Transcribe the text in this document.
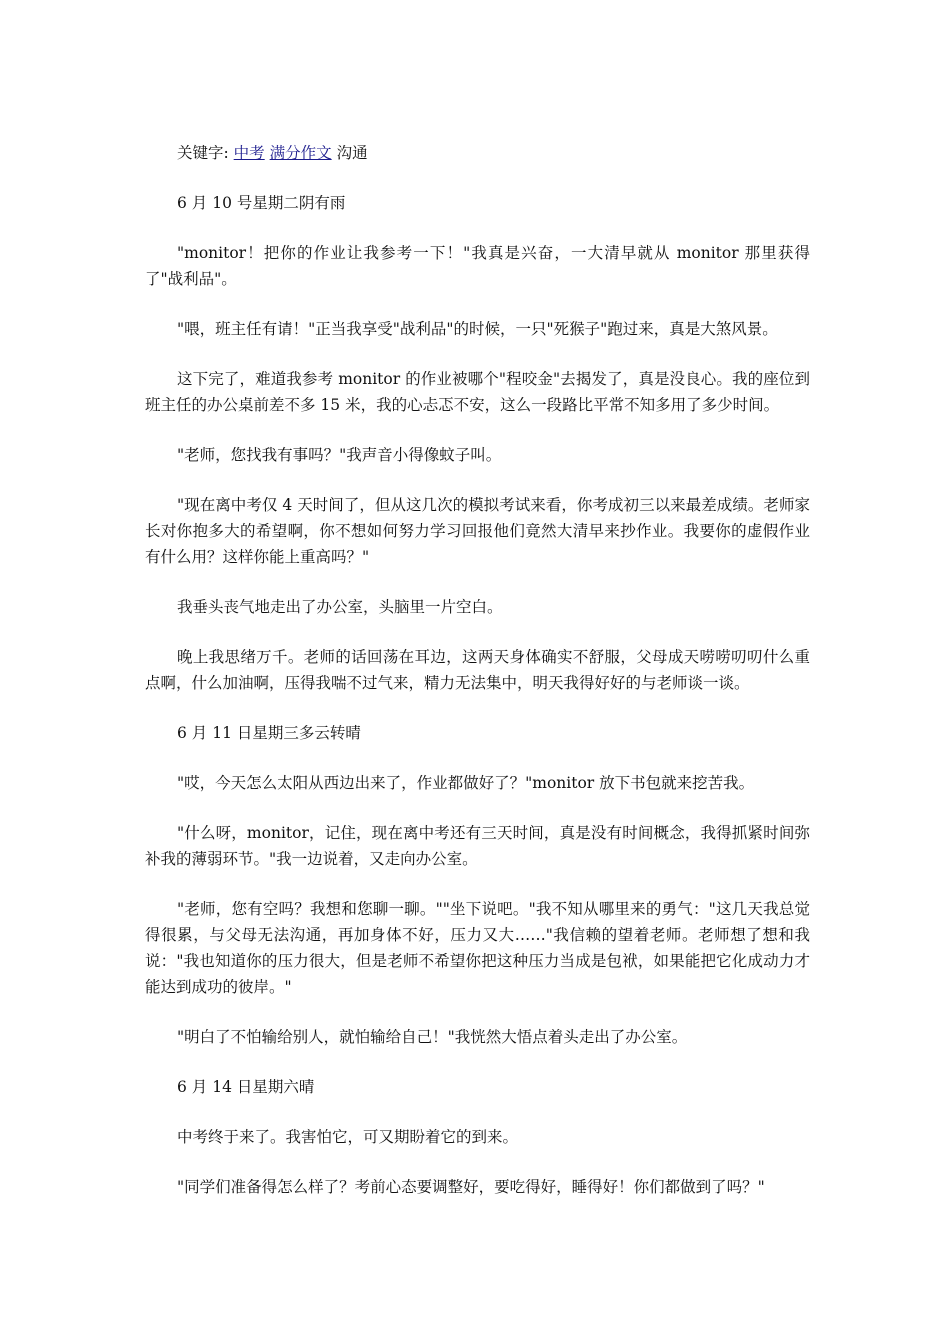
关键字: 中考 满分作文 沟通

6 月 10 号星期二阴有雨

"monitor！把你的作业让我参考一下！"我真是兴奋，一大清早就从 monitor 那里获得了"战利品"。

"喂，班主任有请！"正当我享受"战利品"的时候，一只"死猴子"跑过来，真是大煞风景。

这下完了，难道我参考 monitor 的作业被哪个"程咬金"去揭发了，真是没良心。我的座位到班主任的办公桌前差不多 15 米，我的心忐忑不安，这么一段路比平常不知多用了多少时间。

"老师，您找我有事吗？"我声音小得像蚊子叫。

"现在离中考仅 4 天时间了，但从这几次的模拟考试来看，你考成初三以来最差成绩。老师家长对你抱多大的希望啊，你不想如何努力学习回报他们竟然大清早来抄作业。我要你的虚假作业有什么用？这样你能上重高吗？"

我垂头丧气地走出了办公室，头脑里一片空白。

晚上我思绪万千。老师的话回荡在耳边，这两天身体确实不舒服，父母成天唠唠叨叨什么重点啊，什么加油啊，压得我喘不过气来，精力无法集中，明天我得好好的与老师谈一谈。

6 月 11 日星期三多云转晴

"哎，今天怎么太阳从西边出来了，作业都做好了？"monitor 放下书包就来挖苦我。

"什么呀，monitor，记住，现在离中考还有三天时间，真是没有时间概念，我得抓紧时间弥补我的薄弱环节。"我一边说着，又走向办公室。

"老师，您有空吗？我想和您聊一聊。""坐下说吧。"我不知从哪里来的勇气："这几天我总觉得很累，与父母无法沟通，再加身体不好，压力又大……"我信赖的望着老师。老师想了想和我说："我也知道你的压力很大，但是老师不希望你把这种压力当成是包袱，如果能把它化成动力才能达到成功的彼岸。"

"明白了不怕输给别人，就怕输给自己！"我恍然大悟点着头走出了办公室。

6 月 14 日星期六晴

中考终于来了。我害怕它，可又期盼着它的到来。

"同学们准备得怎么样了？考前心态要调整好，要吃得好，睡得好！你们都做到了吗？"
